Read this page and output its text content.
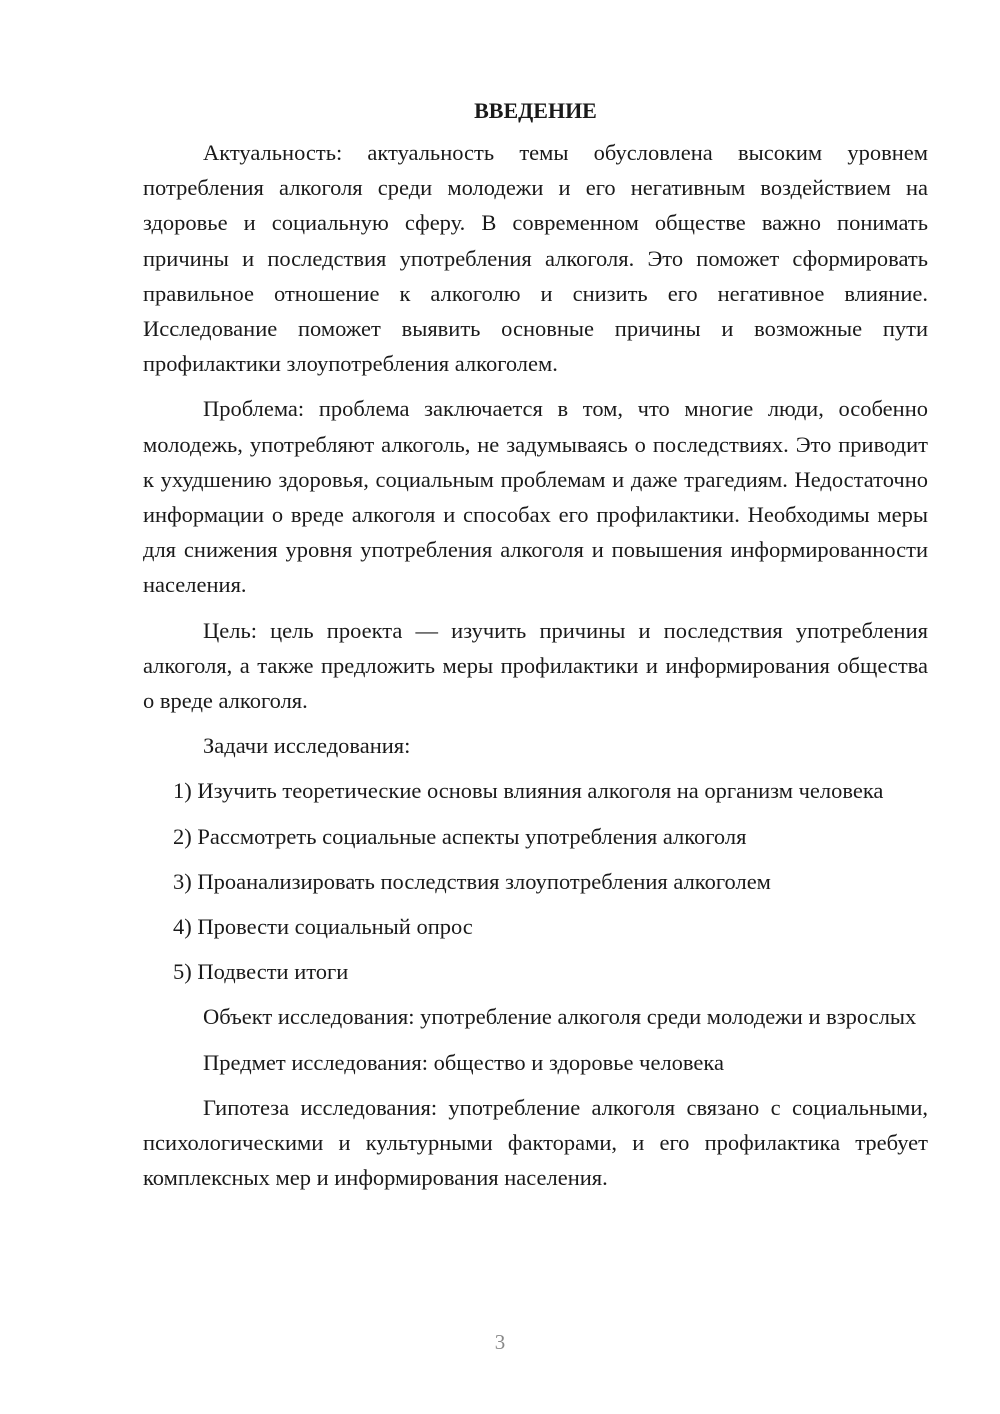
ВВЕДЕНИЕ

Актуальность: актуальность темы обусловлена высоким уровнем потребления алкоголя среди молодежи и его негативным воздействием на здоровье и социальную сферу. В современном обществе важно понимать причины и последствия употребления алкоголя. Это поможет сформировать правильное отношение к алкоголю и снизить его негативное влияние. Исследование поможет выявить основные причины и возможные пути профилактики злоупотребления алкоголем.

Проблема: проблема заключается в том, что многие люди, особенно молодежь, употребляют алкоголь, не задумываясь о последствиях. Это приводит к ухудшению здоровья, социальным проблемам и даже трагедиям. Недостаточно информации о вреде алкоголя и способах его профилактики. Необходимы меры для снижения уровня употребления алкоголя и повышения информированности населения.

Цель: цель проекта — изучить причины и последствия употребления алкоголя, а также предложить меры профилактики и информирования общества о вреде алкоголя.

Задачи исследования:

1) Изучить теоретические основы влияния алкоголя на организм человека

2) Рассмотреть социальные аспекты употребления алкоголя

3) Проанализировать последствия злоупотребления алкоголем

4) Провести социальный опрос

5) Подвести итоги

Объект исследования: употребление алкоголя среди молодежи и взрослых

Предмет исследования: общество и здоровье человека

Гипотеза исследования: употребление алкоголя связано с социальными, психологическими и культурными факторами, и его профилактика требует комплексных мер и информирования населения.

3
